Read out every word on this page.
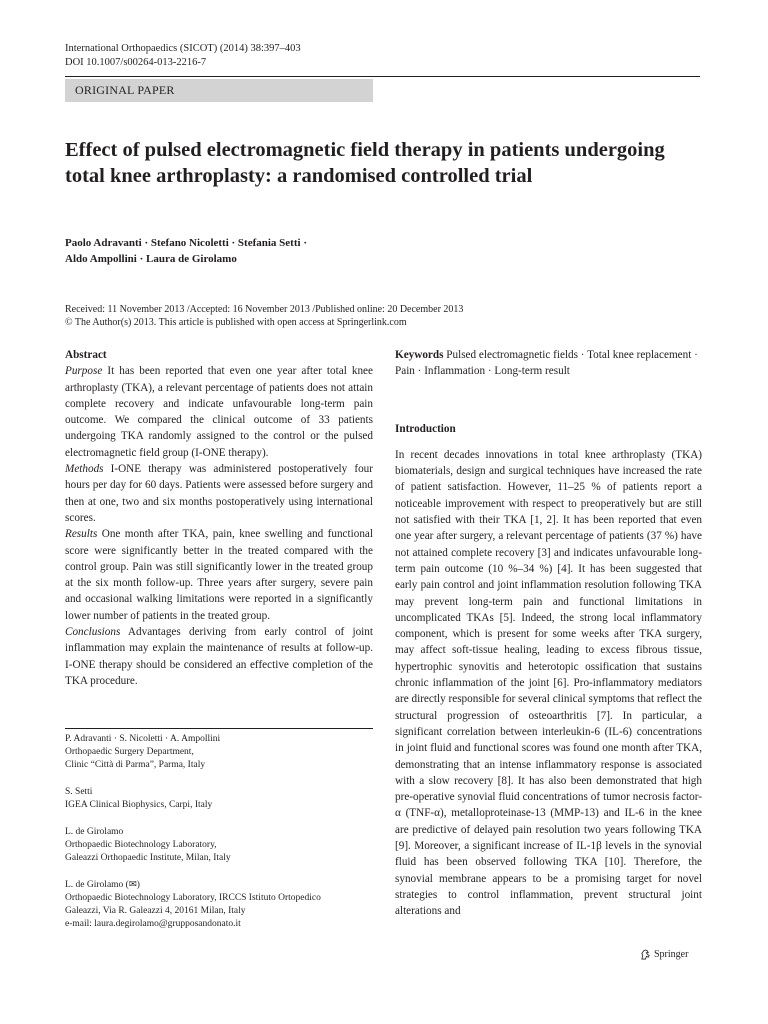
International Orthopaedics (SICOT) (2014) 38:397–403
DOI 10.1007/s00264-013-2216-7
ORIGINAL PAPER
Effect of pulsed electromagnetic field therapy in patients undergoing total knee arthroplasty: a randomised controlled trial
Paolo Adravanti · Stefano Nicoletti · Stefania Setti ·
Aldo Ampollini · Laura de Girolamo
Received: 11 November 2013 /Accepted: 16 November 2013 /Published online: 20 December 2013
© The Author(s) 2013. This article is published with open access at Springerlink.com

Abstract

Purpose It has been reported that even one year after total knee arthroplasty (TKA), a relevant percentage of patients does not attain complete recovery and indicate unfavourable long-term pain outcome. We compared the clinical outcome of 33 patients undergoing TKA randomly assigned to the control or the pulsed electromagnetic field group (I-ONE therapy).

Methods I-ONE therapy was administered postoperatively four hours per day for 60 days. Patients were assessed before surgery and then at one, two and six months postoperatively using international scores.

Results One month after TKA, pain, knee swelling and functional score were significantly better in the treated compared with the control group. Pain was still significantly lower in the treated group at the six month follow-up. Three years after surgery, severe pain and occasional walking limitations were reported in a significantly lower number of patients in the treated group.

Conclusions Advantages deriving from early control of joint inflammation may explain the maintenance of results at follow-up. I-ONE therapy should be considered an effective completion of the TKA procedure.

P. Adravanti · S. Nicoletti · A. Ampollini
Orthopaedic Surgery Department,
Clinic “Città di Parma”, Parma, Italy

S. Setti
IGEA Clinical Biophysics, Carpi, Italy

L. de Girolamo
Orthopaedic Biotechnology Laboratory,
Galeazzi Orthopaedic Institute, Milan, Italy

L. de Girolamo (✉)
Orthopaedic Biotechnology Laboratory, IRCCS Istituto Ortopedico
Galeazzi, Via R. Galeazzi 4, 20161 Milan, Italy
e-mail: laura.degirolamo@grupposandonato.it

Keywords Pulsed electromagnetic fields · Total knee replacement · Pain · Inflammation · Long-term result

Introduction

In recent decades innovations in total knee arthroplasty (TKA) biomaterials, design and surgical techniques have increased the rate of patient satisfaction. However, 11–25 % of patients report a noticeable improvement with respect to preoperatively but are still not satisfied with their TKA [1, 2]. It has been reported that even one year after surgery, a relevant percentage of patients (37 %) have not attained complete recovery [3] and indicates unfavourable long-term pain outcome (10 %–34 %) [4]. It has been suggested that early pain control and joint inflammation resolution following TKA may prevent long-term pain and functional limitations in uncomplicated TKAs [5]. Indeed, the strong local inflammatory component, which is present for some weeks after TKA surgery, may affect soft-tissue healing, leading to excess fibrous tissue, hypertrophic synovitis and heterotopic ossification that sustains chronic inflammation of the joint [6]. Pro-inflammatory mediators are directly responsible for several clinical symptoms that reflect the structural progression of osteoarthritis [7]. In particular, a significant correlation between interleukin-6 (IL-6) concentrations in joint fluid and functional scores was found one month after TKA, demonstrating that an intense inflammatory response is associated with a slow recovery [8]. It has also been demonstrated that high pre-operative synovial fluid concentrations of tumor necrosis factor-α (TNF-α), metalloproteinase-13 (MMP-13) and IL-6 in the knee are predictive of delayed pain resolution two years following TKA [9]. Moreover, a significant increase of IL-1β levels in the synovial fluid has been observed following TKA [10]. Therefore, the synovial membrane appears to be a promising target for novel strategies to control inflammation, prevent structural joint alterations and

Springer
